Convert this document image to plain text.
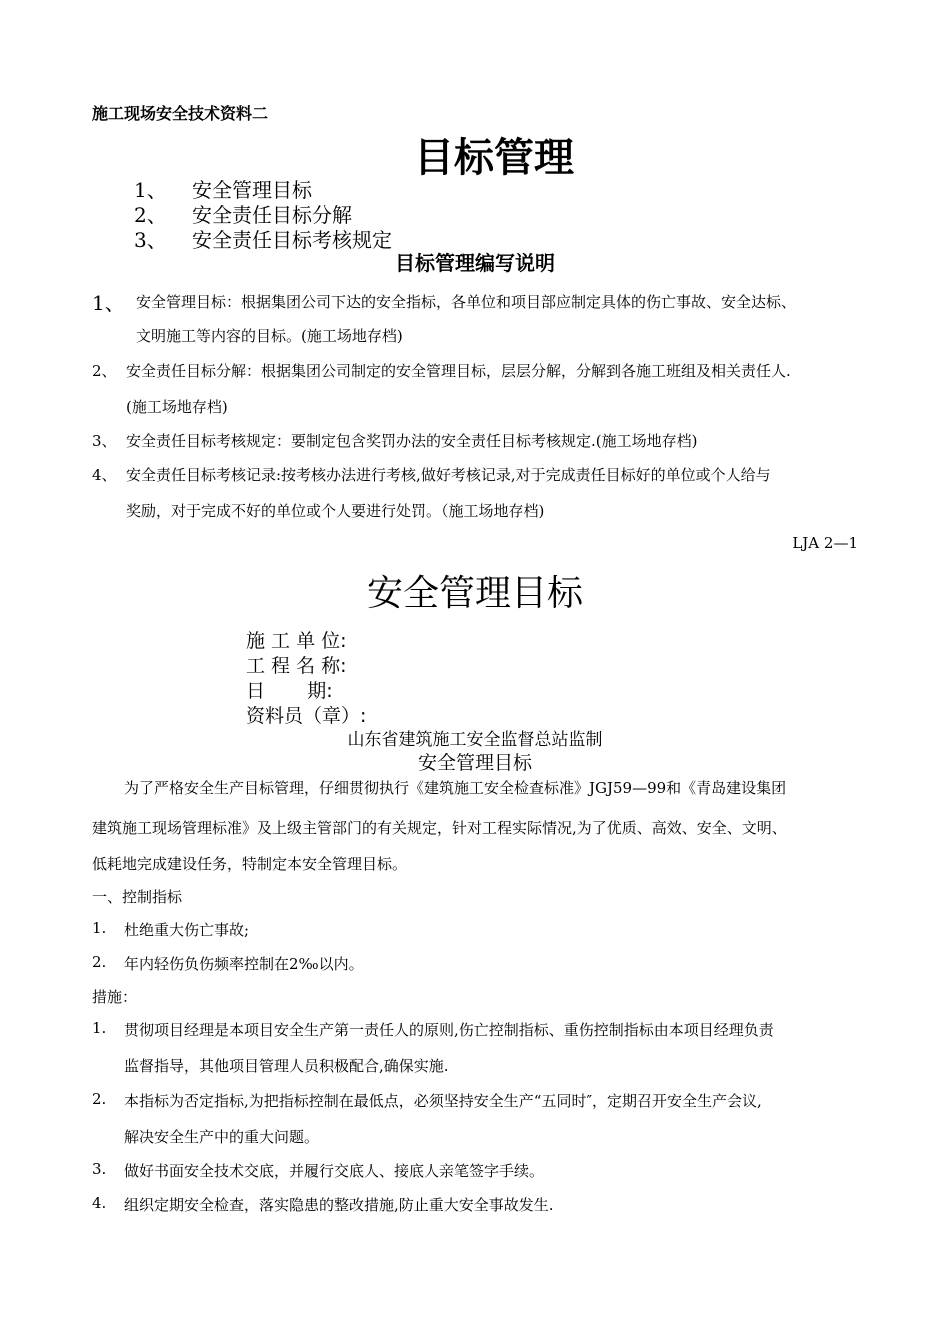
施工现场安全技术资料二
目标管理
1、 安全管理目标
2、 安全责任目标分解
3、 安全责任目标考核规定
目标管理编写说明
1、 安全管理目标：根据集团公司下达的安全指标，各单位和项目部应制定具体的伤亡事故、安全达标、
文明施工等内容的目标。(施工场地存档)
2、 安全责任目标分解：根据集团公司制定的安全管理目标，层层分解，分解到各施工班组及相关责任人.
(施工场地存档)
3、 安全责任目标考核规定：要制定包含奖罚办法的安全责任目标考核规定.(施工场地存档)
4、 安全责任目标考核记录:按考核办法进行考核,做好考核记录,对于完成责任目标好的单位或个人给与
奖励，对于完成不好的单位或个人要进行处罚。（施工场地存档)
LJA 2—1
安全管理目标
施 工 单 位:
工 程 名 称:
日       期:
资料员（章）:
山东省建筑施工安全监督总站监制
安全管理目标
为了严格安全生产目标管理，仔细贯彻执行《建筑施工安全检查标准》JGJ59—99和《青岛建设集团
建筑施工现场管理标准》及上级主管部门的有关规定，针对工程实际情况,为了优质、高效、安全、文明、
低耗地完成建设任务，特制定本安全管理目标。
一、控制指标
1. 杜绝重大伤亡事故;
2. 年内轻伤负伤频率控制在2‰以内。
措施：
1. 贯彻项目经理是本项目安全生产第一责任人的原则,伤亡控制指标、重伤控制指标由本项目经理负责
监督指导，其他项目管理人员积极配合,确保实施.
2. 本指标为否定指标,为把指标控制在最低点，必须坚持安全生产“五同时″，定期召开安全生产会议,
解决安全生产中的重大问题。
3. 做好书面安全技术交底，并履行交底人、接底人亲笔签字手续。
4. 组织定期安全检查，落实隐患的整改措施,防止重大安全事故发生.
